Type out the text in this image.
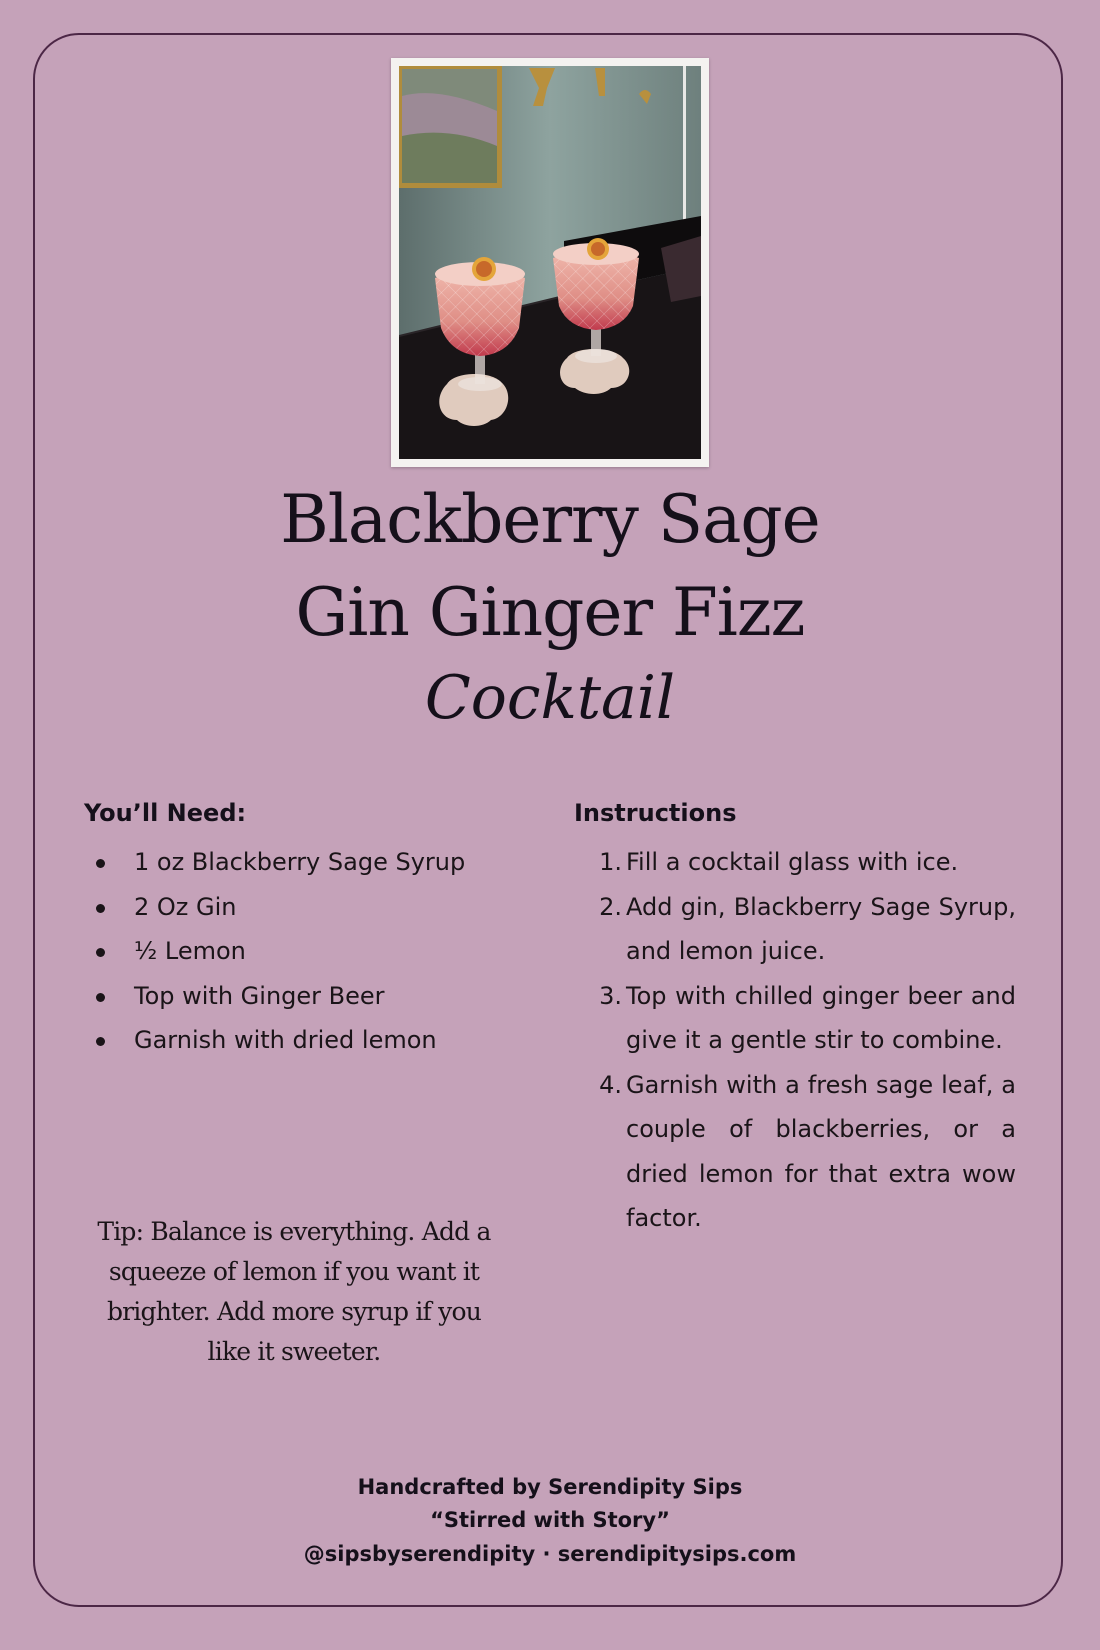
Blackberry Sage
Gin Ginger Fizz
Cocktail
You’ll Need:
1 oz Blackberry Sage Syrup
2 Oz Gin
½ Lemon
Top with Ginger Beer
Garnish with dried lemon
Instructions
1. Fill a cocktail glass with ice.
2. Add gin, Blackberry Sage Syrup, and lemon juice.
3. Top with chilled ginger beer and give it a gentle stir to combine.
4. Garnish with a fresh sage leaf, a couple of blackberries, or a dried lemon for that extra wow factor.
Tip: Balance is everything. Add a squeeze of lemon if you want it brighter. Add more syrup if you like it sweeter.
Handcrafted by Serendipity Sips
“Stirred with Story”
@sipsbyserendipity · serendipitysips.com
